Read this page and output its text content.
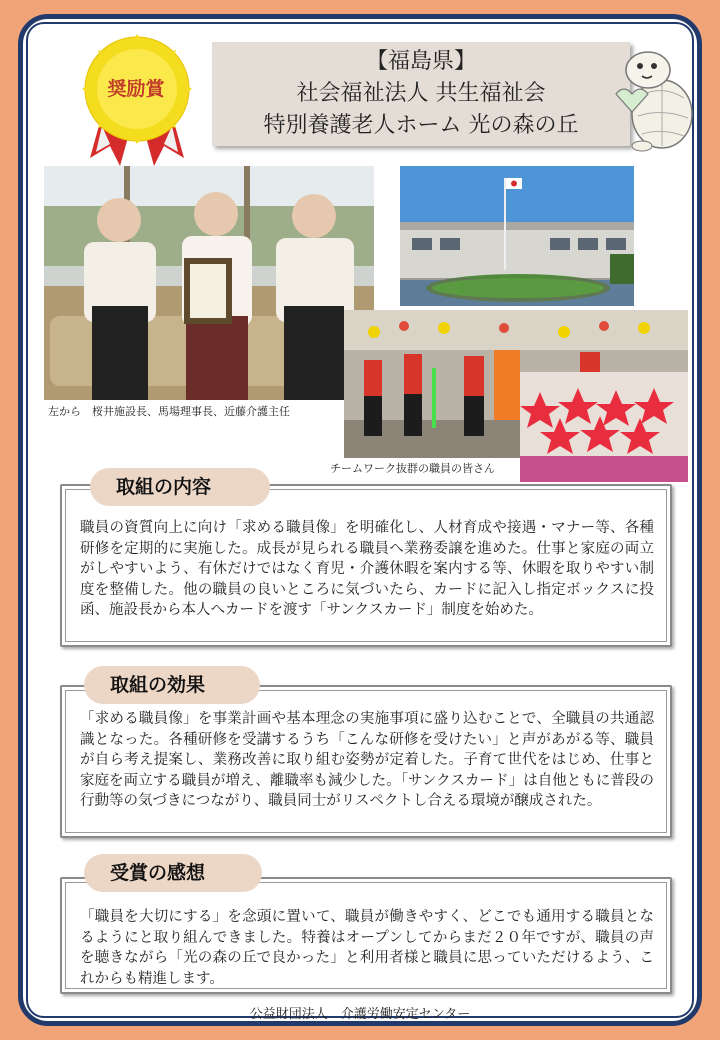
奨励賞
【福島県】
社会福祉法人 共生福祉会
特別養護老人ホーム 光の森の丘
左から　桜井施設長、馬場理事長、近藤介護主任
チームワーク抜群の職員の皆さん
職員の資質向上に向け「求める職員像」を明確化し、人材育成や接遇・マナー等、各種研修を定期的に実施した。成長が見られる職員へ業務委譲を進めた。仕事と家庭の両立がしやすいよう、有休だけではなく育児・介護休暇を案内する等、休暇を取りやすい制度を整備した。他の職員の良いところに気づいたら、カードに記入し指定ボックスに投函、施設長から本人へカードを渡す「サンクスカード」制度を始めた。
取組の内容
「求める職員像」を事業計画や基本理念の実施事項に盛り込むことで、全職員の共通認識となった。各種研修を受講するうち「こんな研修を受けたい」と声があがる等、職員が自ら考え提案し、業務改善に取り組む姿勢が定着した。子育て世代をはじめ、仕事と家庭を両立する職員が増え、離職率も減少した。「サンクスカード」は自他ともに普段の行動等の気づきにつながり、職員同士がリスペクトし合える環境が醸成された。
取組の効果
「職員を大切にする」を念頭に置いて、職員が働きやすく、どこでも通用する職員となるようにと取り組んできました。特養はオープンしてからまだ２０年ですが、職員の声を聴きながら「光の森の丘で良かった」と利用者様と職員に思っていただけるよう、これからも精進します。
受賞の感想
公益財団法人　介護労働安定センター
